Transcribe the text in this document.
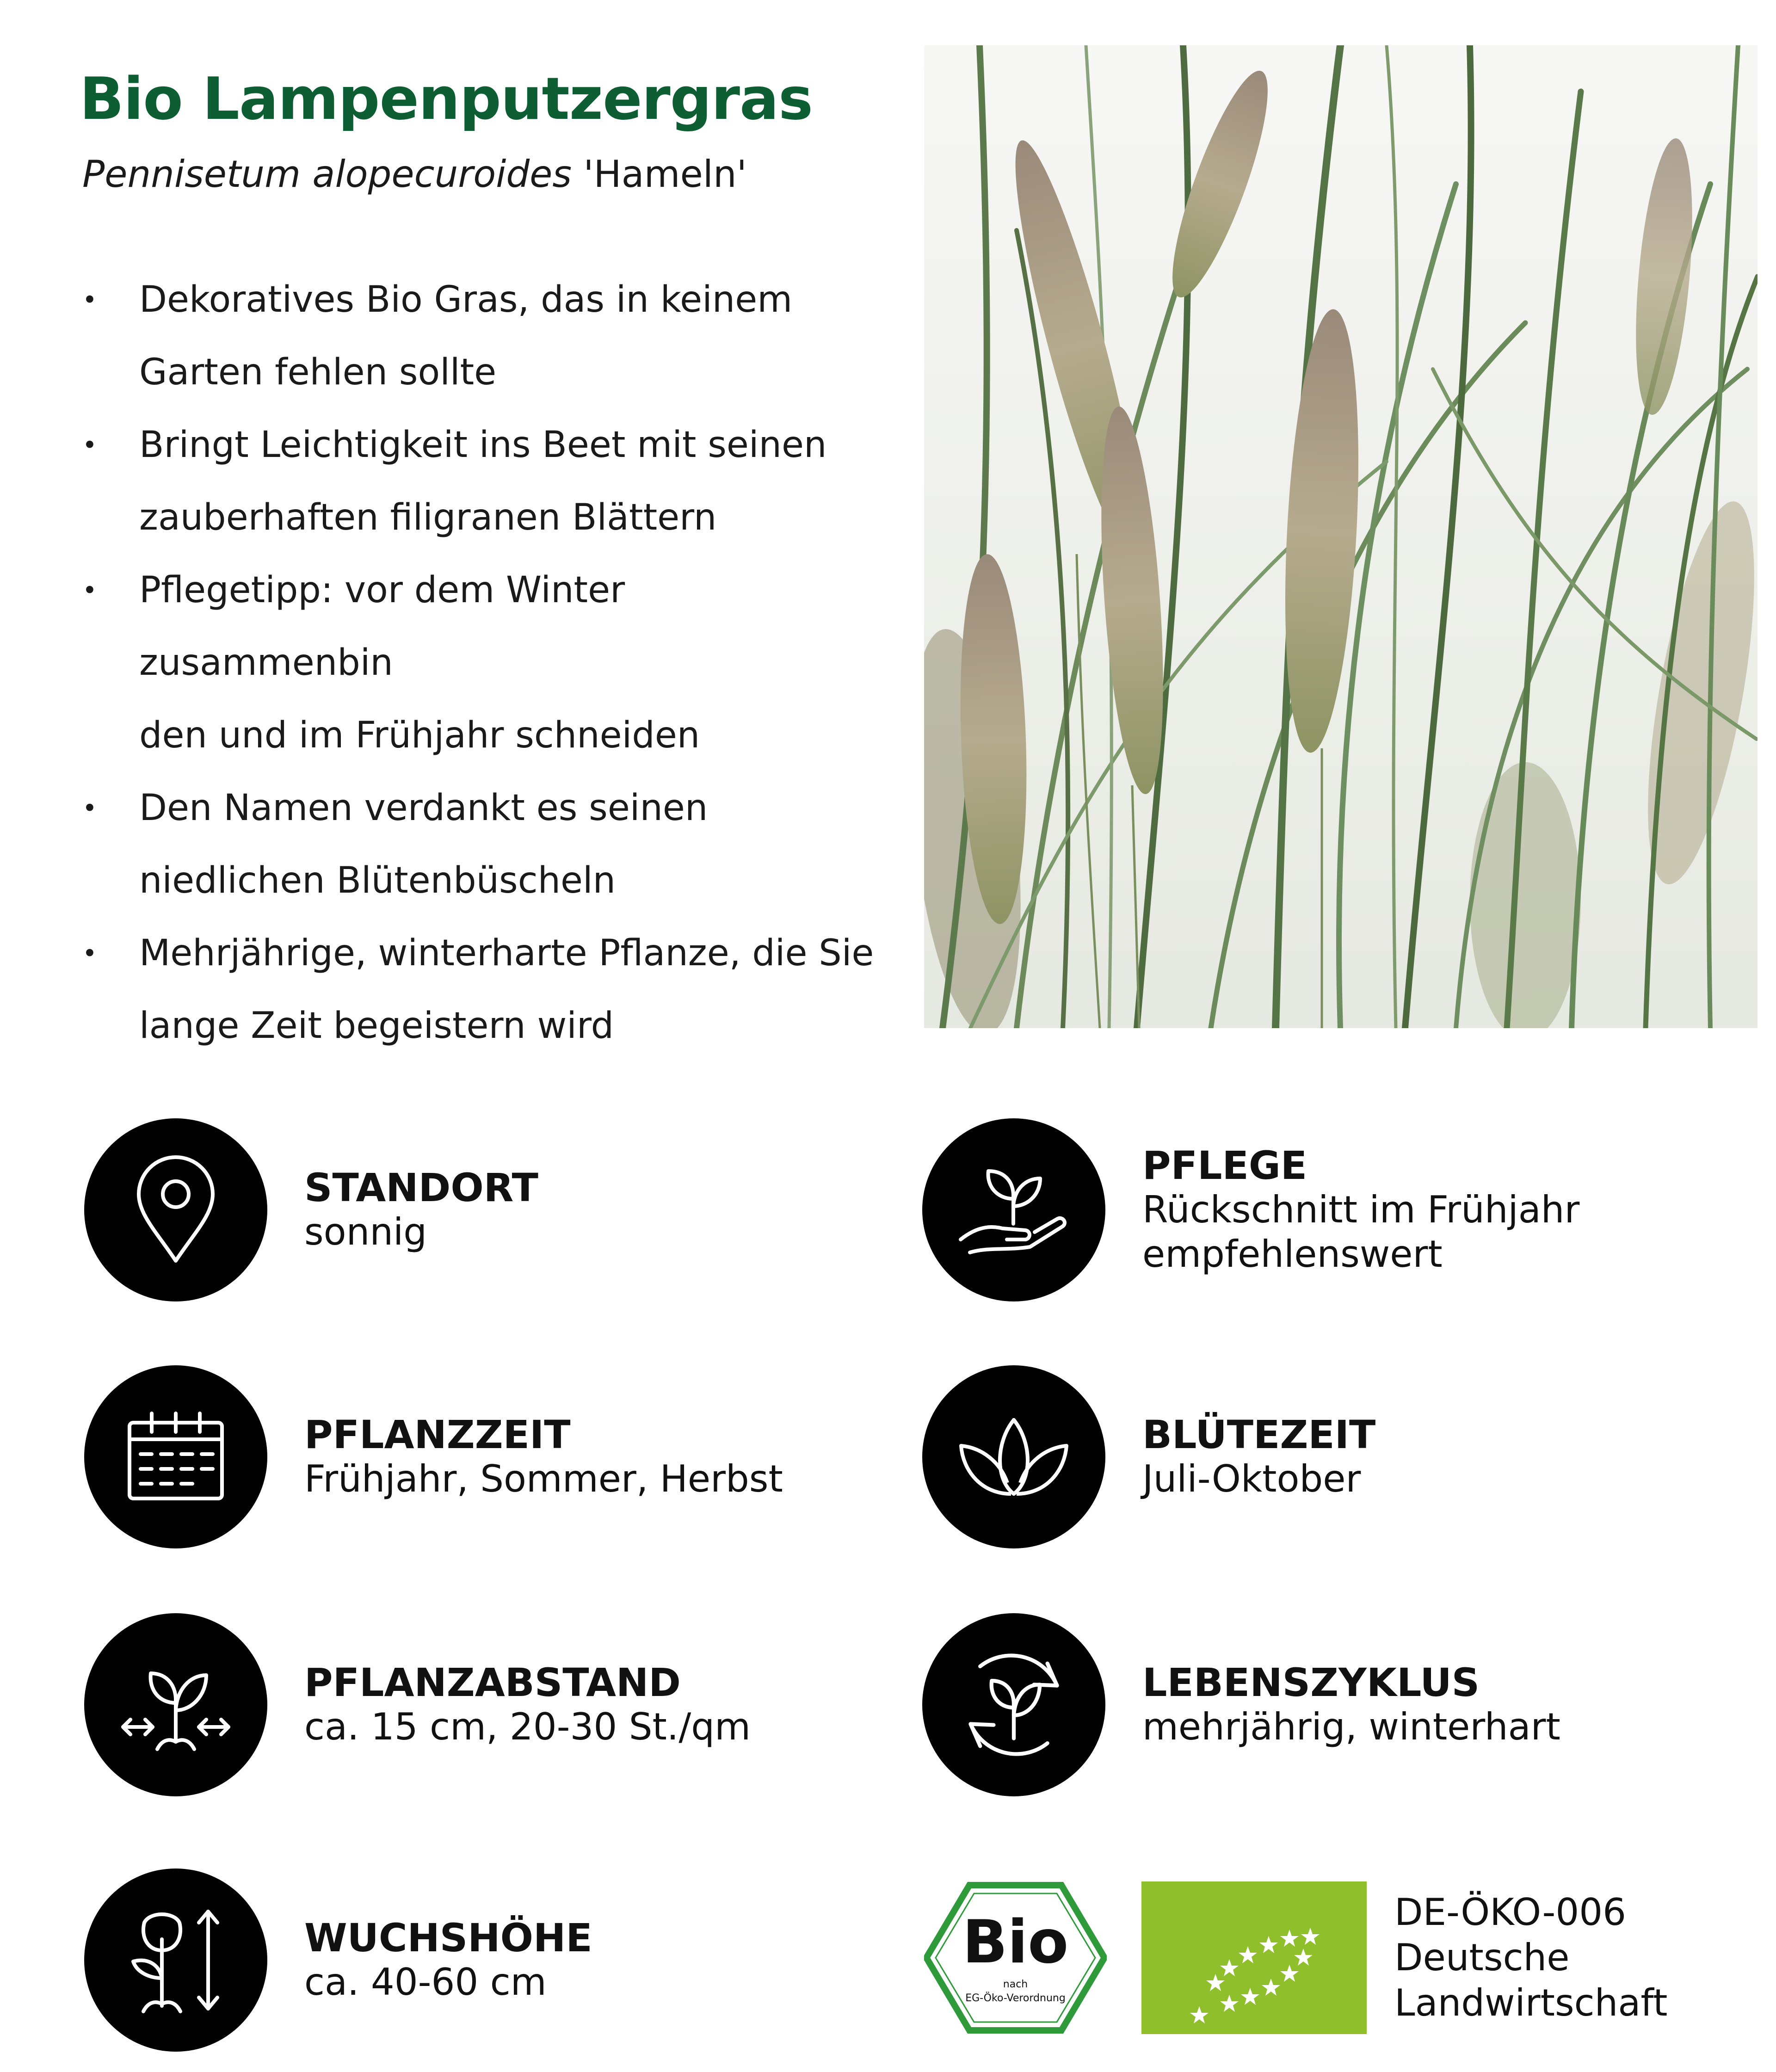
Bio Lampenputzergras
Pennisetum alopecuroides 'Hameln'
• Dekoratives Bio Gras, das in keinem
Garten fehlen sollte
• Bringt Leichtigkeit ins Beet mit seinen
zauberhaften filigranen Blättern
• Pflegetipp: vor dem Winter zusammenbin
den und im Frühjahr schneiden
• Den Namen verdankt es seinen
niedlichen Blütenbüscheln
• Mehrjährige, winterharte Pflanze, die Sie
lange Zeit begeistern wird
STANDORT
sonnig
PFLEGE
Rückschnitt im Frühjahr
empfehlenswert
PFLANZZEIT
Frühjahr, Sommer, Herbst
BLÜTEZEIT
Juli-Oktober
PFLANZABSTAND
ca. 15 cm, 20-30 St./qm
LEBENSZYKLUS
mehrjährig, winterhart
WUCHSHÖHE
ca. 40-60 cm
Bio
nach
EG-Öko-Verordnung
DE-ÖKO-006
Deutsche
Landwirtschaft
